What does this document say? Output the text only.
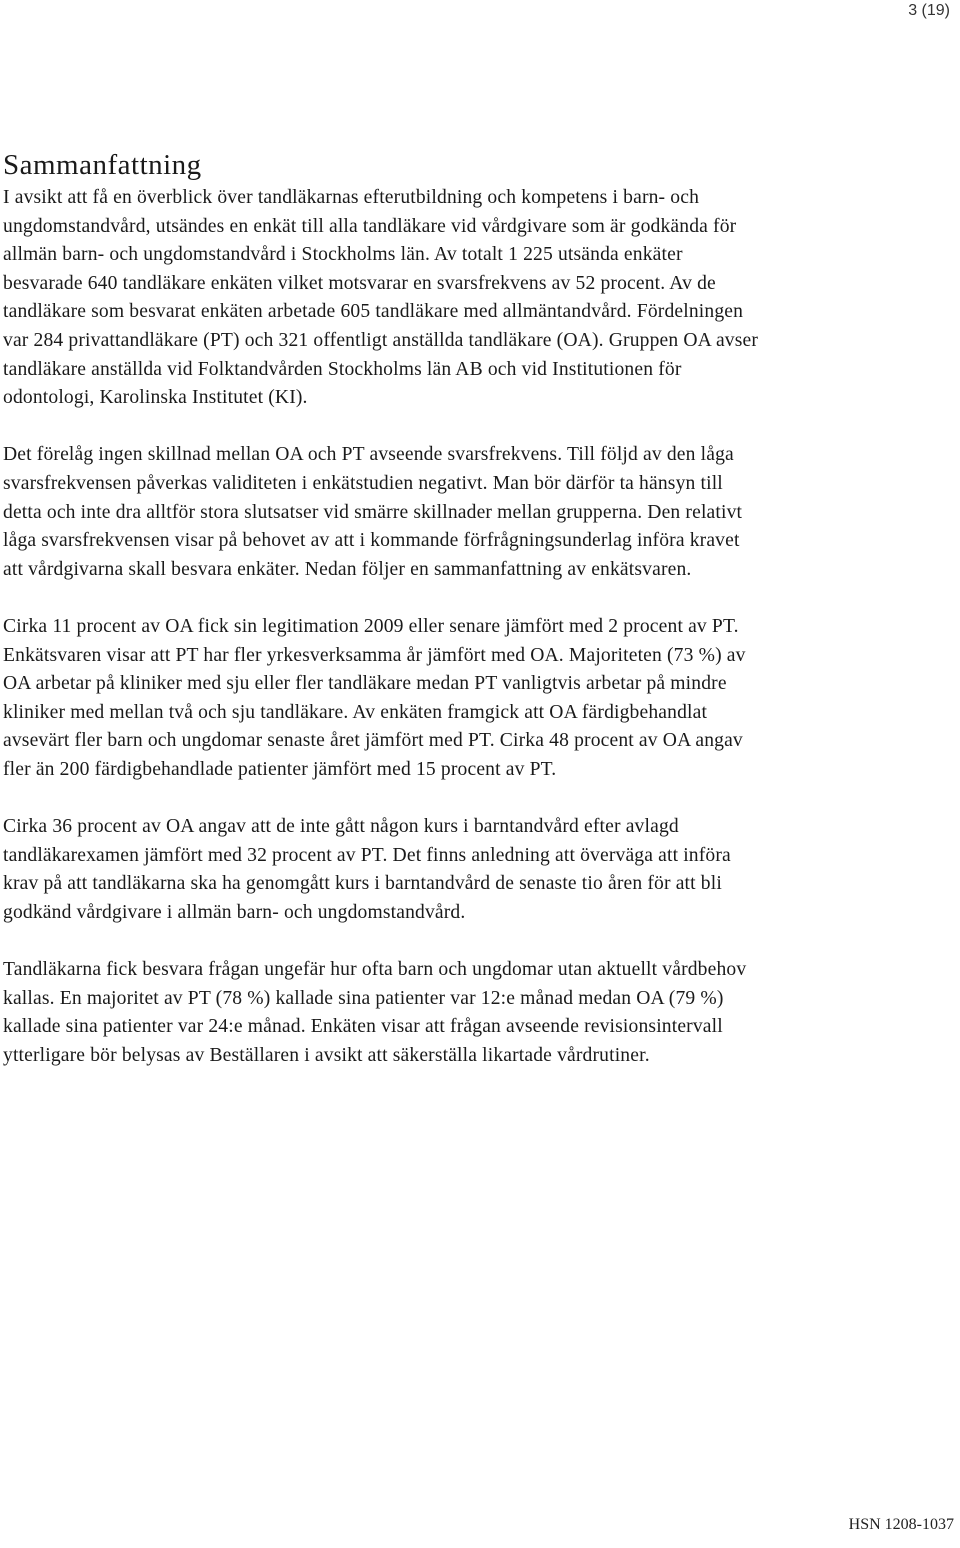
3 (19)
Sammanfattning

I avsikt att få en överblick över tandläkarnas efterutbildning och kompetens i barn- och ungdomstandvård, utsändes en enkät till alla tandläkare vid vårdgivare som är godkända för allmän barn- och ungdomstandvård i Stockholms län. Av totalt 1 225 utsända enkäter besvarade 640 tandläkare enkäten vilket motsvarar en svarsfrekvens av 52 procent. Av de tandläkare som besvarat enkäten arbetade 605 tandläkare med allmäntandvård. Fördelningen var 284 privattandläkare (PT) och 321 offentligt anställda tandläkare (OA). Gruppen OA avser tandläkare anställda vid Folktandvården Stockholms län AB och vid Institutionen för odontologi, Karolinska Institutet (KI).

Det förelåg ingen skillnad mellan OA och PT avseende svarsfrekvens. Till följd av den låga svarsfrekvensen påverkas validiteten i enkätstudien negativt. Man bör därför ta hänsyn till detta och inte dra alltför stora slutsatser vid smärre skillnader mellan grupperna. Den relativt låga svarsfrekvensen visar på behovet av att i kommande förfrågningsunderlag införa kravet att vårdgivarna skall besvara enkäter. Nedan följer en sammanfattning av enkätsvaren.

Cirka 11 procent av OA fick sin legitimation 2009 eller senare jämfört med 2 procent av PT. Enkätsvaren visar att PT har fler yrkesverksamma år jämfört med OA. Majoriteten (73 %) av OA arbetar på kliniker med sju eller fler tandläkare medan PT vanligtvis arbetar på mindre kliniker med mellan två och sju tandläkare. Av enkäten framgick att OA färdigbehandlat avsevärt fler barn och ungdomar senaste året jämfört med PT. Cirka 48 procent av OA angav fler än 200 färdigbehandlade patienter jämfört med 15 procent av PT.

Cirka 36 procent av OA angav att de inte gått någon kurs i barntandvård efter avlagd tandläkarexamen jämfört med 32 procent av PT. Det finns anledning att överväga att införa krav på att tandläkarna ska ha genomgått kurs i barntandvård de senaste tio åren för att bli godkänd vårdgivare i allmän barn- och ungdomstandvård.

Tandläkarna fick besvara frågan ungefär hur ofta barn och ungdomar utan aktuellt vårdbehov kallas. En majoritet av PT (78 %) kallade sina patienter var 12:e månad medan OA (79 %) kallade sina patienter var 24:e månad. Enkäten visar att frågan avseende revisionsintervall ytterligare bör belysas av Beställaren i avsikt att säkerställa likartade vårdrutiner.

HSN 1208-1037
